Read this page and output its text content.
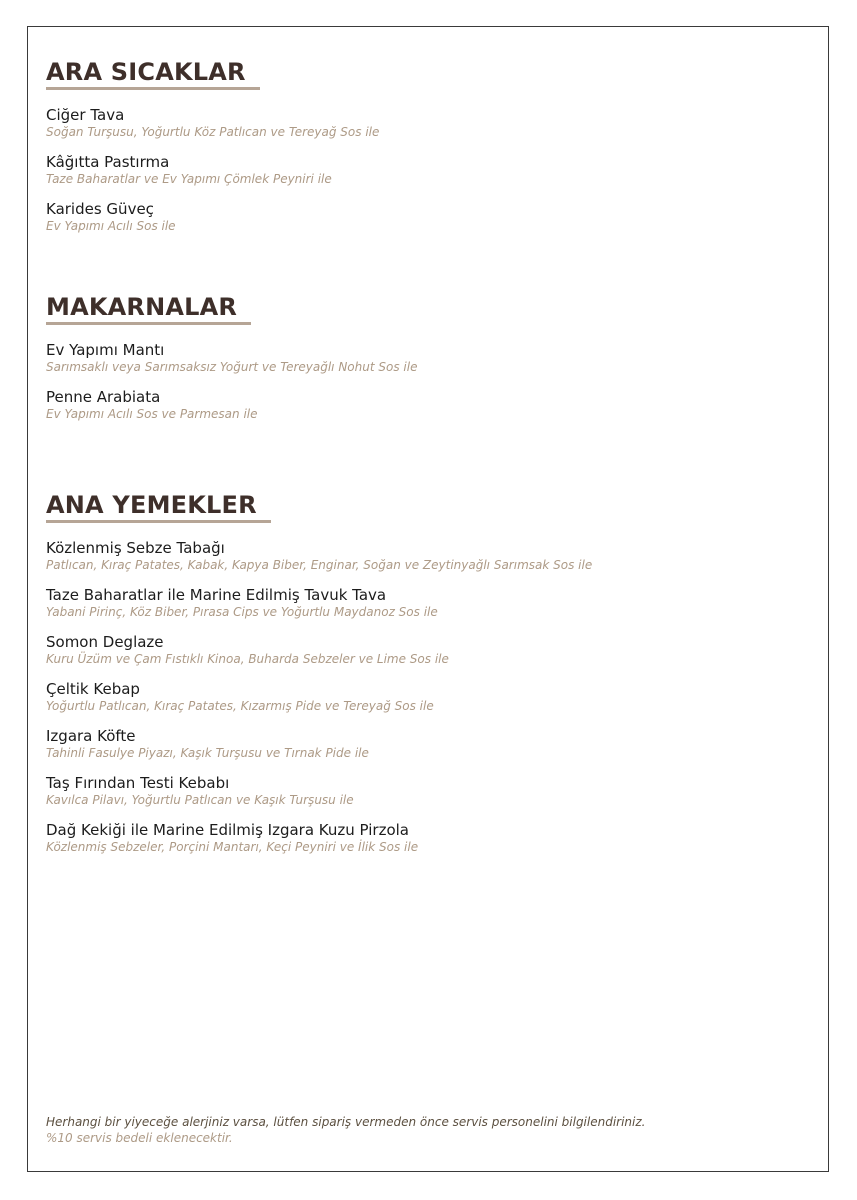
ARA SICAKLAR

Ciğer Tava

Soğan Turşusu, Yoğurtlu Köz Patlıcan ve Tereyağ Sos ile

Kâğıtta Pastırma

Taze Baharatlar ve Ev Yapımı Çömlek Peyniri ile

Karides Güveç

Ev Yapımı Acılı Sos ile

MAKARNALAR

Ev Yapımı Mantı

Sarımsaklı veya Sarımsaksız Yoğurt ve Tereyağlı Nohut Sos ile

Penne Arabiata

Ev Yapımı Acılı Sos ve Parmesan ile

ANA YEMEKLER

Közlenmiş Sebze Tabağı

Patlıcan, Kıraç Patates, Kabak, Kapya Biber, Enginar, Soğan ve Zeytinyağlı Sarımsak Sos ile

Taze Baharatlar ile Marine Edilmiş Tavuk Tava

Yabani Pirinç, Köz Biber, Pırasa Cips ve Yoğurtlu Maydanoz Sos ile

Somon Deglaze

Kuru Üzüm ve Çam Fıstıklı Kinoa, Buharda Sebzeler ve Lime Sos ile

Çeltik Kebap

Yoğurtlu Patlıcan, Kıraç Patates, Kızarmış Pide ve Tereyağ Sos ile

Izgara Köfte

Tahinli Fasulye Piyazı, Kaşık Turşusu ve Tırnak Pide ile

Taş Fırından Testi Kebabı

Kavılca Pilavı, Yoğurtlu Patlıcan ve Kaşık Turşusu ile

Dağ Kekiği ile Marine Edilmiş Izgara Kuzu Pirzola

Közlenmiş Sebzeler, Porçini Mantarı, Keçi Peyniri ve İlik Sos ile

Herhangi bir yiyeceğe alerjiniz varsa, lütfen sipariş vermeden önce servis personelini bilgilendiriniz.
%10 servis bedeli eklenecektir.
